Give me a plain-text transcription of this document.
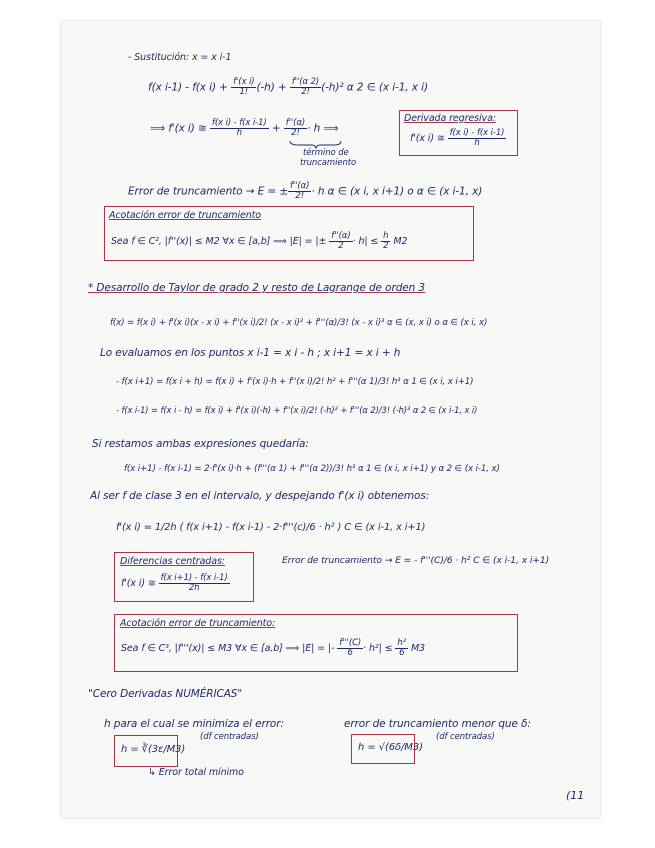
- Sustitución: x = x i-1
f(x i-1) - f(x $i) + \frac{\text{f'(x i)}}{1!} (-h) + \frac{f''(\alpha 2)}{2!} (-h)^2$ α 2 ∈ (x i-1, x i)
⟹ f'(x i) ≅ $\frac{\text{f(x i) - f(x i-1)}}{h} + \frac{f''(\alpha)}{2!} \cdot h$ ⟹
término de
truncamiento
Derivada regresiva:
f'(x i) ≅ $\frac{\text{f(x i) - f(x i-1)}}{h}$
Error de truncamiento → E = ± $\frac{f''(\alpha)}{2!} \cdot h$ α ∈ (x i, x i+1) o α ∈ (x i-1, x)
Acotación error de truncamiento
Sea f ∈ C², |f''(x)| ≤ M2 ∀x ∈ [a,b] ⟹ |E| = |± $\frac{f''(\alpha)}{2} \cdot h| \le \frac{h}{2} M2$
* Desarrollo de Taylor de grado 2 y resto de Lagrange de orden 3
f(x) = f(x i) + f'(x i)(x - x i) + f''(x i)/2! (x - x i)² + f'''(α)/3! (x - x i)³ α ∈ (x, x i) o α ∈ (x i, x)
Lo evaluamos en los puntos x i-1 = x i - h ; x i+1 = x i + h
- f(x i+1) = f(x i + h) = f(x i) + f'(x i)·h + f''(x i)/2! h² + f'''(α 1)/3! h³ α 1 ∈ (x i, x i+1)
- f(x i-1) = f(x i - h) = f(x i) + f'(x i)(-h) + f''(x i)/2! (-h)² + f'''(α 2)/3! (-h)³ α 2 ∈ (x i-1, x i)
Si restamos ambas expresiones quedaría:
f(x i+1) - f(x i-1) = 2·f'(x i)·h + (f'''(α 1) + f'''(α 2))/3! h³ α 1 ∈ (x i, x i+1) y α 2 ∈ (x i-1, x)
Al ser f de clase 3 en el intervalo, y despejando f'(x i) obtenemos:
f'(x i) = 1/2h ( f(x i+1) - f(x i-1) - 2·f'''(c)/6 · h² ) C ∈ (x i-1, x i+1)
Diferencias centradas:
f'(x i) ≅ $\frac{\text{f(x i+1) - f(x i-1)}}{2h}$
Error de truncamiento → E = - f'''(C)/6 · h² C ∈ (x i-1, x i+1)
Acotación error de truncamiento:
Sea f ∈ C³, |f'''(x)| ≤ M3 ∀x ∈ [a,b] ⟹ |E| = |- $\frac{f'''(C)}{6} \cdot h^2| \le \frac{\text{h²}}{6} M3$
"Cero Derivadas NUMÉRICAS"
h para el cual se minimiza el error:
(df centradas)
h = ∛(3ε/M3)
↳ Error total mínimo
error de truncamiento menor que δ:
(df centradas)
h = √(6δ/M3)
(11
